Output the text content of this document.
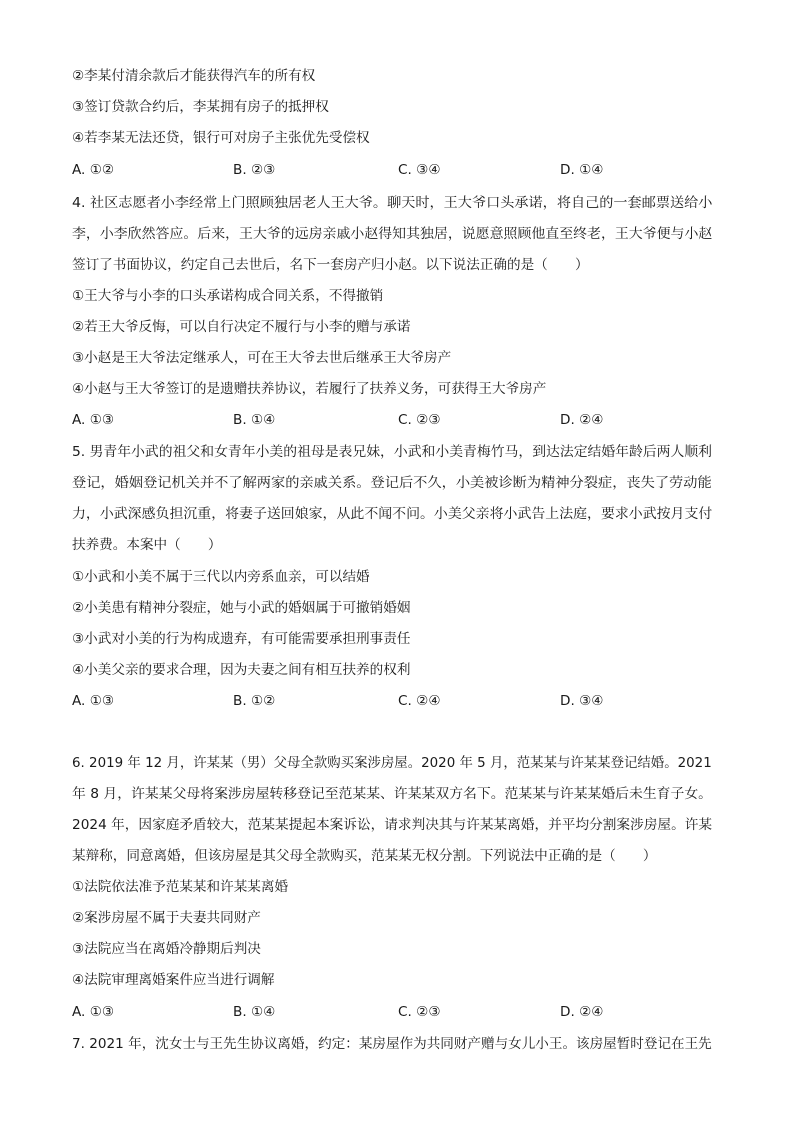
②李某付清余款后才能获得汽车的所有权
③签订贷款合约后，李某拥有房子的抵押权
④若李某无法还贷，银行可对房子主张优先受偿权
A. ①②	B. ②③	C. ③④	D. ①④
4. 社区志愿者小李经常上门照顾独居老人王大爷。聊天时，王大爷口头承诺，将自己的一套邮票送给小
李，小李欣然答应。后来，王大爷的远房亲戚小赵得知其独居，说愿意照顾他直至终老，王大爷便与小赵
签订了书面协议，约定自己去世后，名下一套房产归小赵。以下说法正确的是（　　）
①王大爷与小李的口头承诺构成合同关系，不得撤销
②若王大爷反悔，可以自行决定不履行与小李的赠与承诺
③小赵是王大爷法定继承人，可在王大爷去世后继承王大爷房产
④小赵与王大爷签订的是遗赠扶养协议，若履行了扶养义务，可获得王大爷房产
A. ①③	B. ①④	C. ②③	D. ②④
5. 男青年小武的祖父和女青年小美的祖母是表兄妹，小武和小美青梅竹马，到达法定结婚年龄后两人顺利
登记，婚姻登记机关并不了解两家的亲戚关系。登记后不久，小美被诊断为精神分裂症，丧失了劳动能
力，小武深感负担沉重，将妻子送回娘家，从此不闻不问。小美父亲将小武告上法庭，要求小武按月支付
扶养费。本案中（　　）
①小武和小美不属于三代以内旁系血亲，可以结婚
②小美患有精神分裂症，她与小武的婚姻属于可撤销婚姻
③小武对小美的行为构成遗弃，有可能需要承担刑事责任
④小美父亲的要求合理，因为夫妻之间有相互扶养的权利
A. ①③	B. ①②	C. ②④	D. ③④
6. 2019 年 12 月，许某某（男）父母全款购买案涉房屋。2020 年 5 月，范某某与许某某登记结婚。2021
年 8 月，许某某父母将案涉房屋转移登记至范某某、许某某双方名下。范某某与许某某婚后未生育子女。
2024 年，因家庭矛盾较大，范某某提起本案诉讼，请求判决其与许某某离婚，并平均分割案涉房屋。许某
某辩称，同意离婚，但该房屋是其父母全款购买，范某某无权分割。下列说法中正确的是（　　）
①法院依法准予范某某和许某某离婚
②案涉房屋不属于夫妻共同财产
③法院应当在离婚冷静期后判决
④法院审理离婚案件应当进行调解
A. ①③	B. ①④	C. ②③	D. ②④
7. 2021 年，沈女士与王先生协议离婚，约定：某房屋作为共同财产赠与女儿小王。该房屋暂时登记在王先
